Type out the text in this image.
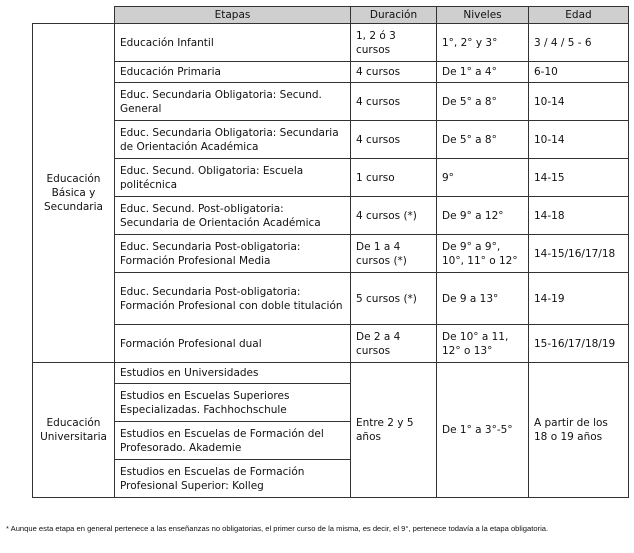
	Etapas	Duración	Niveles	Edad
Educación Básica y Secundaria	Educación Infantil	1, 2 ó 3 cursos	1°, 2° y 3°	3 / 4 / 5 - 6
	Educación Primaria	4 cursos	De 1° a 4°	6-10
	Educ. Secundaria Obligatoria: Secund. General	4 cursos	De 5° a 8°	10-14
	Educ. Secundaria Obligatoria: Secundaria de Orientación Académica	4 cursos	De 5° a 8°	10-14
	Educ. Secund. Obligatoria: Escuela politécnica	1 curso	9°	14-15
	Educ. Secund. Post-obligatoria: Secundaria de Orientación Académica	4 cursos (*)	De 9° a 12°	14-18
	Educ. Secundaria Post-obligatoria: Formación Profesional Media	De 1 a 4 cursos (*)	De 9° a 9°, 10°, 11° o 12°	14-15/16/17/18
	Educ. Secundaria Post-obligatoria: Formación Profesional con doble titulación	5 cursos (*)	De 9 a 13°	14-19
	Formación Profesional dual	De 2 a 4 cursos	De 10° a 11, 12° o 13°	15-16/17/18/19
Educación Universitaria	Estudios en Universidades	Entre 2 y 5 años	De 1° a 3°-5°	A partir de los 18 o 19 años
	Estudios en Escuelas Superiores Especializadas. Fachhochschule			
	Estudios en Escuelas de Formación del Profesorado. Akademie			
	Estudios en Escuelas de Formación Profesional Superior: Kolleg			
* Aunque esta etapa en general pertenece a las enseñanzas no obligatorias, el primer curso de la misma, es decir, el 9°, pertenece todavía a la etapa obligatoria.
